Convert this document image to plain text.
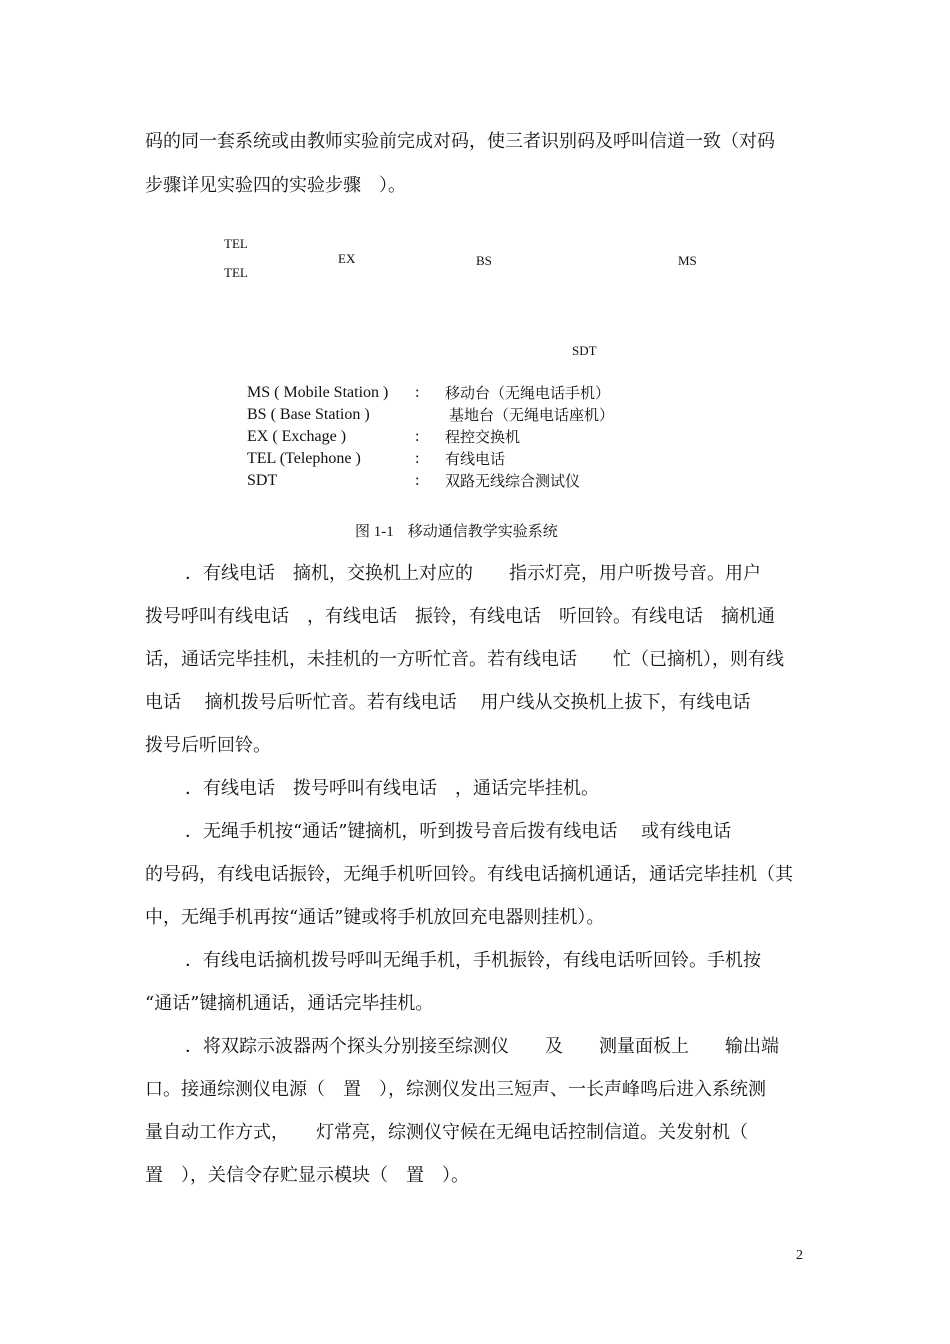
码的同一套系统或由教师实验前完成对码，使三者识别码及呼叫信道一致（对码
步骤详见实验四的实验步骤　）。
TEL
TEL
EX	BS	MS
SDT
MS ( Mobile Station ) : 移动台（无绳电话手机）
BS ( Base Station )	基地台（无绳电话座机）
EX ( Exchage )	: 程控交换机
TEL (Telephone )	: 有线电话
SDT	: 双路无线综合测试仪
图 1-1 移动通信教学实验系统
．有线电话　摘机，交换机上对应的　　指示灯亮，用户听拨号音。用户
拨号呼叫有线电话　，有线电话　振铃，有线电话　听回铃。有线电话　摘机通
话，通话完毕挂机，未挂机的一方听忙音。若有线电话　　忙（已摘机），则有线
电话　 摘机拨号后听忙音。若有线电话　 用户线从交换机上拔下，有线电话
拨号后听回铃。
．有线电话　拨号呼叫有线电话　，通话完毕挂机。
．无绳手机按“通话”键摘机，听到拨号音后拨有线电话　 或有线电话
的号码，有线电话振铃，无绳手机听回铃。有线电话摘机通话，通话完毕挂机（其
中，无绳手机再按“通话”键或将手机放回充电器则挂机）。
．有线电话摘机拨号呼叫无绳手机，手机振铃，有线电话听回铃。手机按
“通话”键摘机通话，通话完毕挂机。
．将双踪示波器两个探头分别接至综测仪　　及　　测量面板上　　输出端
口。接通综测仪电源（　置　），综测仪发出三短声、一长声峰鸣后进入系统测
量自动工作方式，　　灯常亮，综测仪守候在无绳电话控制信道。关发射机（
置　），关信令存贮显示模块（　置　）。
2
